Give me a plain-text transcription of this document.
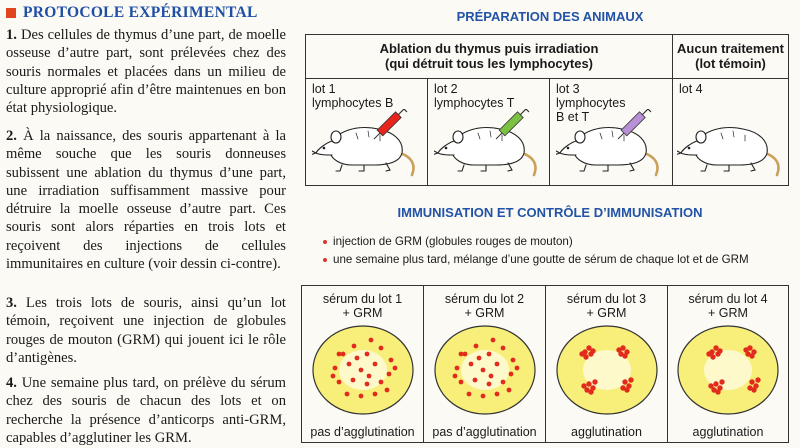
PROTOCOLE EXPÉRIMENTAL

1. Des cellules de thymus d’une part, de moelle osseuse d’autre part, sont prélevées chez des souris normales et placées dans un milieu de culture approprié afin d’être maintenues en bon état physiologique.

2. À la naissance, des souris appartenant à la même souche que les souris donneuses subissent une ablation du thymus d’une part, une irradiation suffisamment massive pour détruire la moelle osseuse d’autre part. Ces souris sont alors réparties en trois lots et reçoivent des injections de cellules immunitaires en culture (voir dessin ci-contre).

3. Les trois lots de souris, ainsi qu’un lot témoin, reçoivent une injection de globules rouges de mouton (GRM) qui jouent ici le rôle d’antigènes.

4. Une semaine plus tard, on prélève du sérum chez des souris de chacun des lots et on recherche la présence d’anticorps anti-GRM, capables d’agglutiner les GRM.

PRÉPARATION DES ANIMAUX
Ablation du thymus puis irradiation
(qui détruit tous les lymphocytes)
Aucun traitement
(lot témoin)
lot 1
lymphocytes B
lot 2
lymphocytes T
lot 3
lymphocytes
B et T
lot 4
IMMUNISATION ET CONTRÔLE D’IMMUNISATION
injection de GRM (globules rouges de mouton)
une semaine plus tard, mélange d’une goutte de sérum de chaque lot et de GRM
sérum du lot 1
+ GRM
pas d’agglutination
sérum du lot 2
+ GRM
pas d’agglutination
sérum du lot 3
+ GRM
agglutination
sérum du lot 4
+ GRM
agglutination
